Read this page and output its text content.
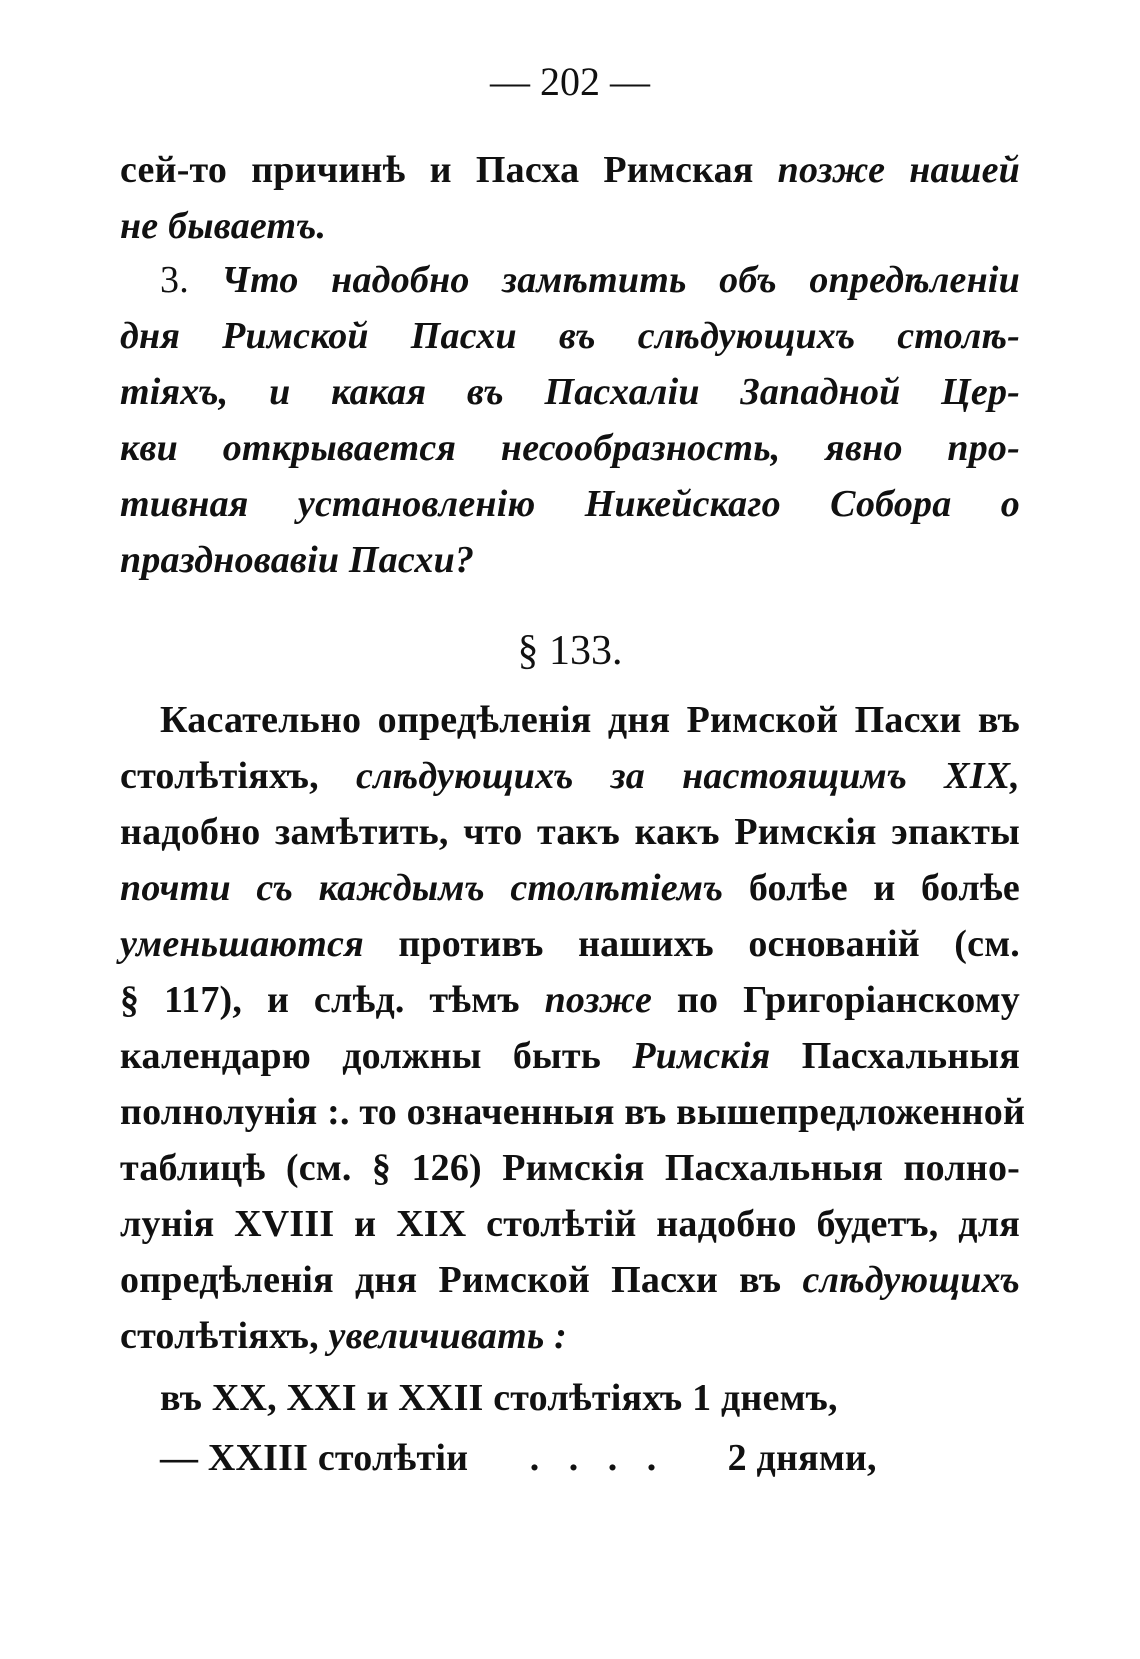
— 202 —
сей-то причинѣ и Пасха Римская позже нашей
не бываетъ.
3. Что надобно замѣтить объ опредѣленіи
дня Римской Пасхи въ слѣдующихъ столѣ-
тіяхъ, и какая въ Пасхаліи Западной Цер-
кви открывается несообразность, явно про-
тивная установленію Никейскаго Собора о
праздновавіи Пасхи?
§ 133.
Касательно опредѣленія дня Римской Пасхи въ
столѣтіяхъ, слѣдующихъ за настоящимъ XIX,
надобно замѣтить, что такъ какъ Римскія эпакты
почти съ каждымъ столѣтіемъ болѣе и болѣе
уменьшаются противъ нашихъ основаній (см.
§ 117), и слѣд. тѣмъ позже по Григоріанскому
календарю должны быть Римскія Пасхальныя
полнолунія :. то означенныя въ вышепредложенной
таблицѣ (см. § 126) Римскія Пасхальныя полно-
лунія XVIII и XIX столѣтій надобно будетъ, для
опредѣленія дня Римской Пасхи въ слѣдующихъ
столѣтіяхъ, увеличивать :
въ XX, XXI и XXII столѣтіяхъ 1 днемъ,
— XXIII столѣтіи . . . . 2 днями,
